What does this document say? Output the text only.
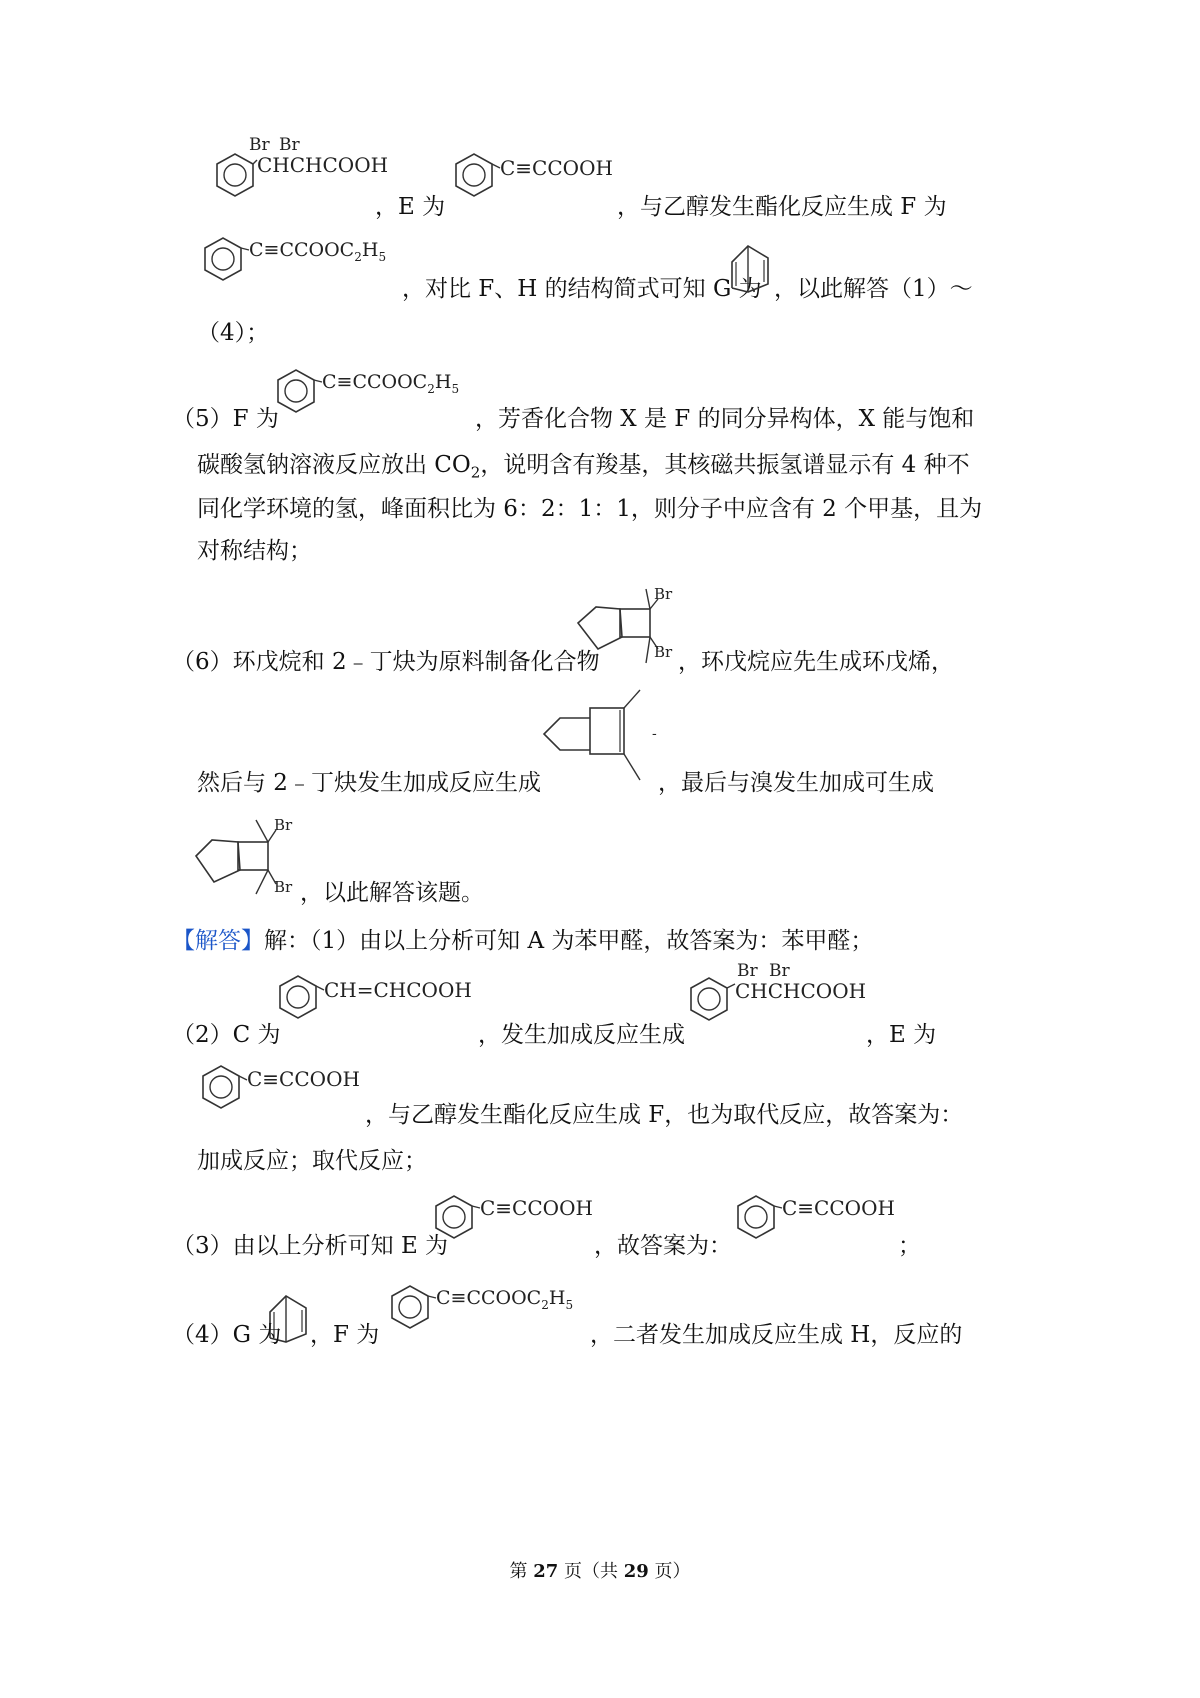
CHCHCOOH
Br Br
，E 为
C≡CCOOH
，与乙醇发生酯化反应生成 F 为
$C\equiv CCOOC_2H_5$
，对比 F、H 的结构简式可知 G 为 ，以此解答（1）～
（4）；
$C\equiv CCOOC_2H_5$
（5）F 为	，芳香化合物 X 是 F 的同分异构体，X 能与饱和
碳酸氢钠溶液反应放出 $CO_2$，说明含有羧基，其核磁共振氢谱显示有 4 种不
同化学环境的氢，峰面积比为 6：2：1：1，则分子中应含有 2 个甲基，且为
对称结构；
Br
Br
（6）环戊烷和 2﹣丁炔为原料制备化合物	，环戊烷应先生成环戊烯，
-
然后与 2﹣丁炔发生加成反应生成	，最后与溴发生加成可生成
Br
Br ，以此解答该题。
【解答】解：（1）由以上分析可知 A 为苯甲醛，故答案为：苯甲醛；
CH=CHCOOH	CHCHCOOH
Br Br
（2）C 为	，发生加成反应生成	，E 为
C≡CCOOH
，与乙醇发生酯化反应生成 F，也为取代反应，故答案为：
加成反应；取代反应；
C≡CCOOH	C≡CCOOH
（3）由以上分析可知 E 为	，故答案为：	；
$C\equiv CCOOC_2H_5$
（4）G 为 ，F 为	，二者发生加成反应生成 H，反应的
第 27 页（共 29 页）
